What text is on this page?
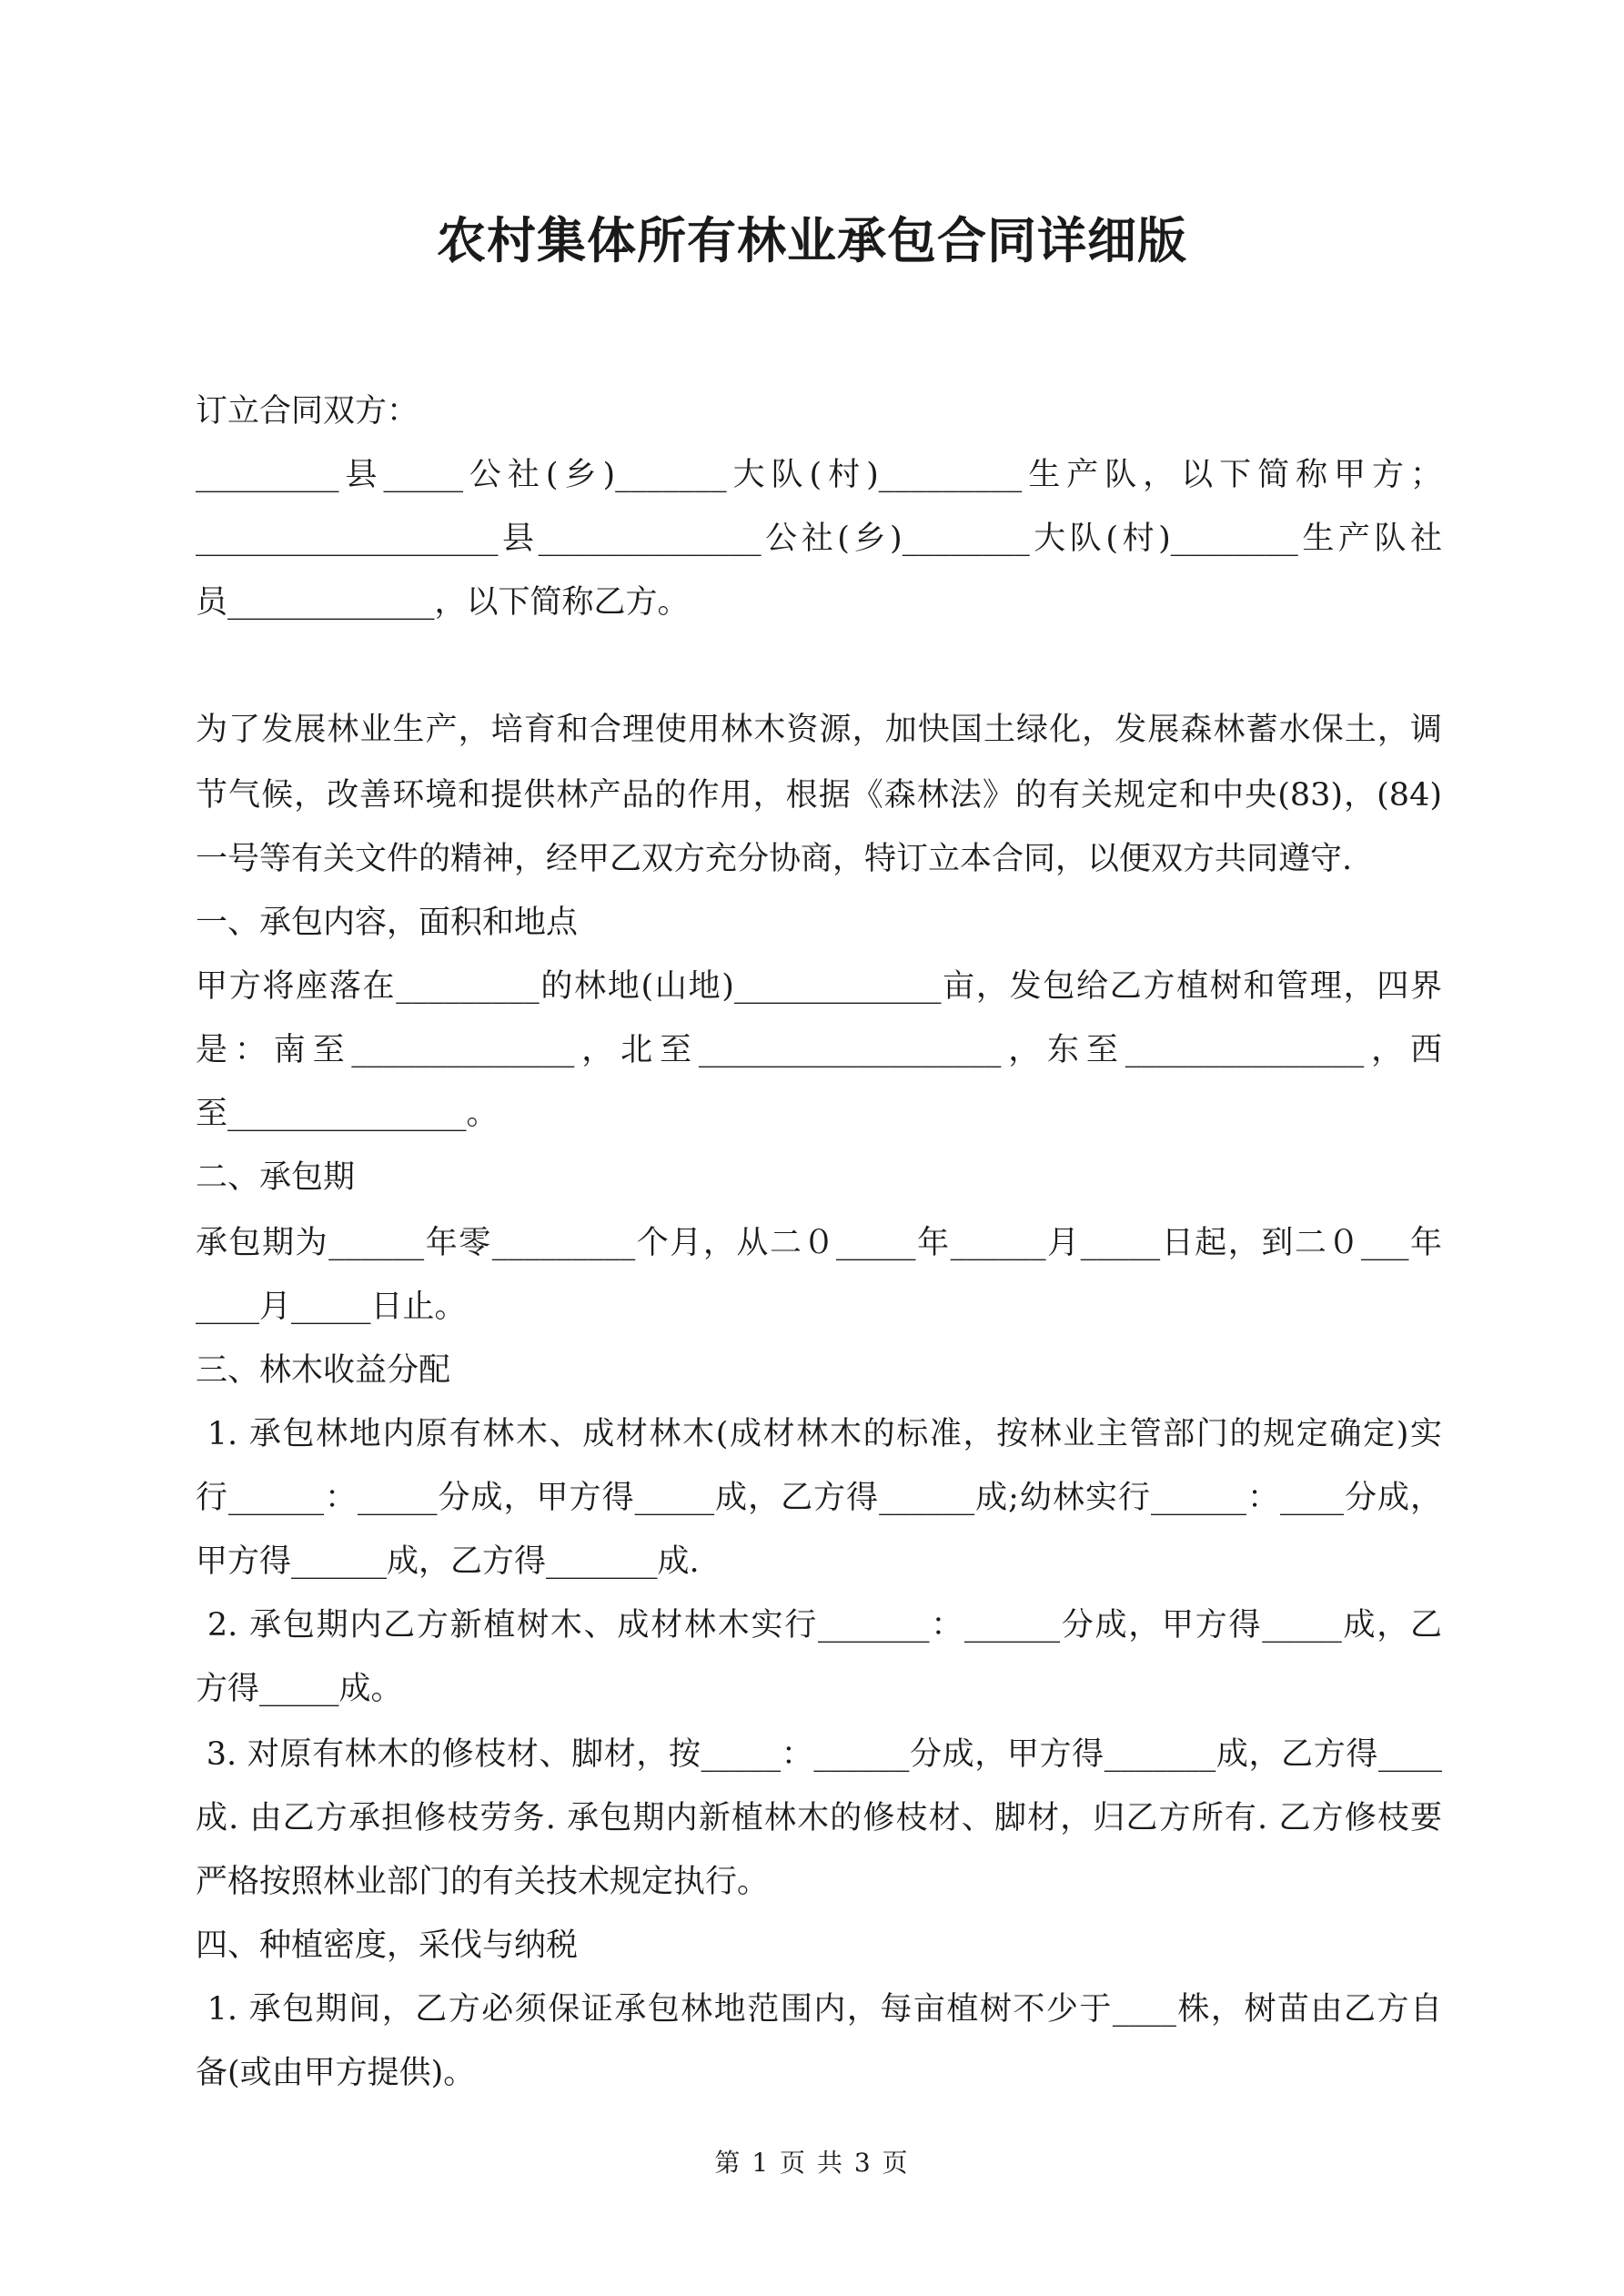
农村集体所有林业承包合同详细版
订立合同双方：
_________县_____公社(乡)_______大队(村)_________生产队，以下简称甲方；
___________________县______________公社(乡)________大队(村)________生产队社
员_____________，以下简称乙方。
为了发展林业生产，培育和合理使用林木资源，加快国土绿化，发展森林蓄水保土，调
节气候，改善环境和提供林产品的作用，根据《森林法》的有关规定和中央(83)，(84)
一号等有关文件的精神，经甲乙双方充分协商，特订立本合同，以便双方共同遵守.
一、承包内容，面积和地点
甲方将座落在_________的林地(山地)_____________亩，发包给乙方植树和管理，四界
是：南至______________，北至___________________，东至_______________，西
至_______________。
二、承包期
承包期为______年零_________个月，从二０_____年______月_____日起，到二０___年
____月_____日止。
三、林木收益分配
1. 承包林地内原有林木、成材林木(成材林木的标准，按林业主管部门的规定确定)实
行______：_____分成，甲方得_____成，乙方得______成;幼林实行______：____分成，
甲方得______成，乙方得_______成.
2. 承包期内乙方新植树木、成材林木实行_______：______分成，甲方得_____成，乙
方得_____成。
3. 对原有林木的修枝材、脚材，按_____：______分成，甲方得_______成，乙方得____
成. 由乙方承担修枝劳务. 承包期内新植林木的修枝材、脚材，归乙方所有. 乙方修枝要
严格按照林业部门的有关技术规定执行。
四、种植密度，采伐与纳税
1. 承包期间，乙方必须保证承包林地范围内，每亩植树不少于____株，树苗由乙方自
备(或由甲方提供)。
第 1 页 共 3 页
